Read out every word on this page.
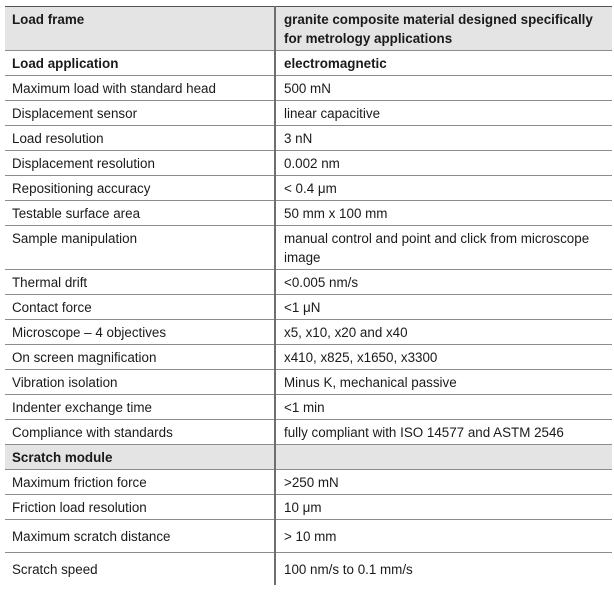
Load frame	granite composite material designed specifically for metrology applications
Load application	electromagnetic
Maximum load with standard head	500 mN
Displacement sensor	linear capacitive
Load resolution	3 nN
Displacement resolution	0.002 nm
Repositioning accuracy	< 0.4 μm
Testable surface area	50 mm x 100 mm
Sample manipulation	manual control and point and click from microscope image
Thermal drift	<0.005 nm/s
Contact force	<1 μN
Microscope – 4 objectives	x5, x10, x20 and x40
On screen magnification	x410, x825, x1650, x3300
Vibration isolation	Minus K, mechanical passive
Indenter exchange time	<1 min
Compliance with standards	fully compliant with ISO 14577 and ASTM 2546
Scratch module	
Maximum friction force	>250 mN
Friction load resolution	10 μm
Maximum scratch distance	> 10 mm
Scratch speed	100 nm/s to 0.1 mm/s
